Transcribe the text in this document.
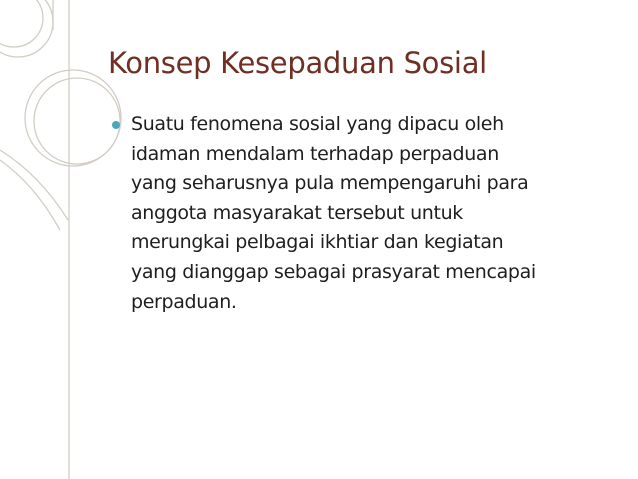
Konsep Kesepaduan Sosial
Suatu fenomena sosial yang dipacu oleh
idaman mendalam terhadap perpaduan
yang seharusnya pula mempengaruhi para
anggota masyarakat tersebut untuk
merungkai pelbagai ikhtiar dan kegiatan
yang dianggap sebagai prasyarat mencapai
perpaduan.
